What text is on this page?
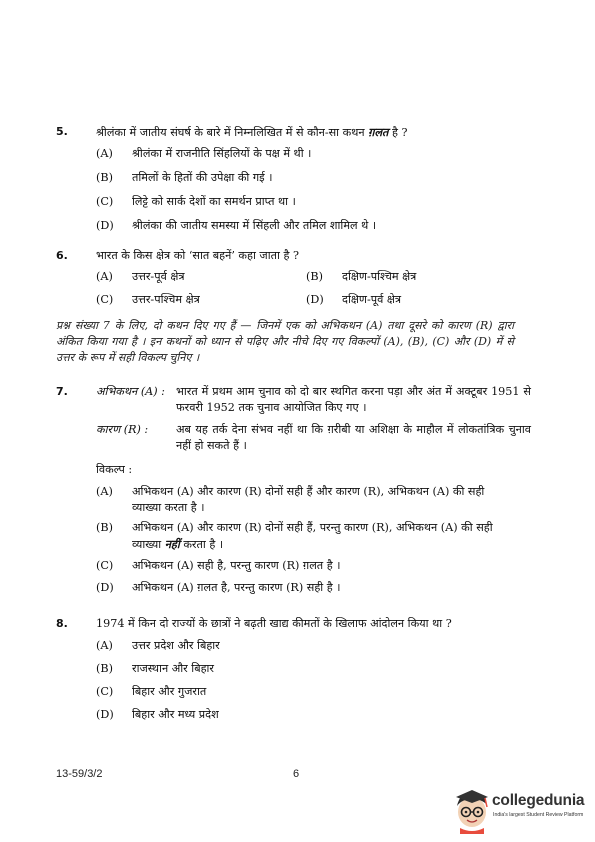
5.	श्रीलंका में जातीय संघर्ष के बारे में निम्नलिखित में से कौन-सा कथन ग़लत है ?
(A) श्रीलंका में राजनीति सिंहलियों के पक्ष में थी ।
(B) तमिलों के हितों की उपेक्षा की गई ।
(C) लिट्टे को सार्क देशों का समर्थन प्राप्त था ।
(D) श्रीलंका की जातीय समस्या में सिंहली और तमिल शामिल थे ।
6.	भारत के किस क्षेत्र को ‘सात बहनें’ कहा जाता है ?
(A) उत्तर-पूर्व क्षेत्र	(B) दक्षिण-पश्चिम क्षेत्र
(C) उत्तर-पश्चिम क्षेत्र	(D) दक्षिण-पूर्व क्षेत्र
प्रश्न संख्या 7 के लिए, दो कथन दिए गए हैं — जिनमें एक को अभिकथन (A) तथा दूसरे को कारण (R) द्वारा अंकित किया गया है । इन कथनों को ध्यान से पढ़िए और नीचे दिए गए विकल्पों (A), (B), (C) और (D) में से उत्तर के रूप में सही विकल्प चुनिए ।
7.	अभिकथन (A) : भारत में प्रथम आम चुनाव को दो बार स्थगित करना पड़ा और अंत में अक्टूबर 1951 से फरवरी 1952 तक चुनाव आयोजित किए गए ।
कारण (R) : अब यह तर्क देना संभव नहीं था कि ग़रीबी या अशिक्षा के माहौल में लोकतांत्रिक चुनाव नहीं हो सकते हैं ।
विकल्प :
(A) अभिकथन (A) और कारण (R) दोनों सही हैं और कारण (R), अभिकथन (A) की सही व्याख्या करता है ।
(B) अभिकथन (A) और कारण (R) दोनों सही हैं, परन्तु कारण (R), अभिकथन (A) की सही व्याख्या नहीं करता है ।
(C) अभिकथन (A) सही है, परन्तु कारण (R) ग़लत है ।
(D) अभिकथन (A) ग़लत है, परन्तु कारण (R) सही है ।
8.	1974 में किन दो राज्यों के छात्रों ने बढ़ती खाद्य कीमतों के खिलाफ आंदोलन किया था ?
(A) उत्तर प्रदेश और बिहार
(B) राजस्थान और बिहार
(C) बिहार और गुजरात
(D) बिहार और मध्य प्रदेश
13-59/3/2	6
collegedunia
India's largest Student Review Platform
